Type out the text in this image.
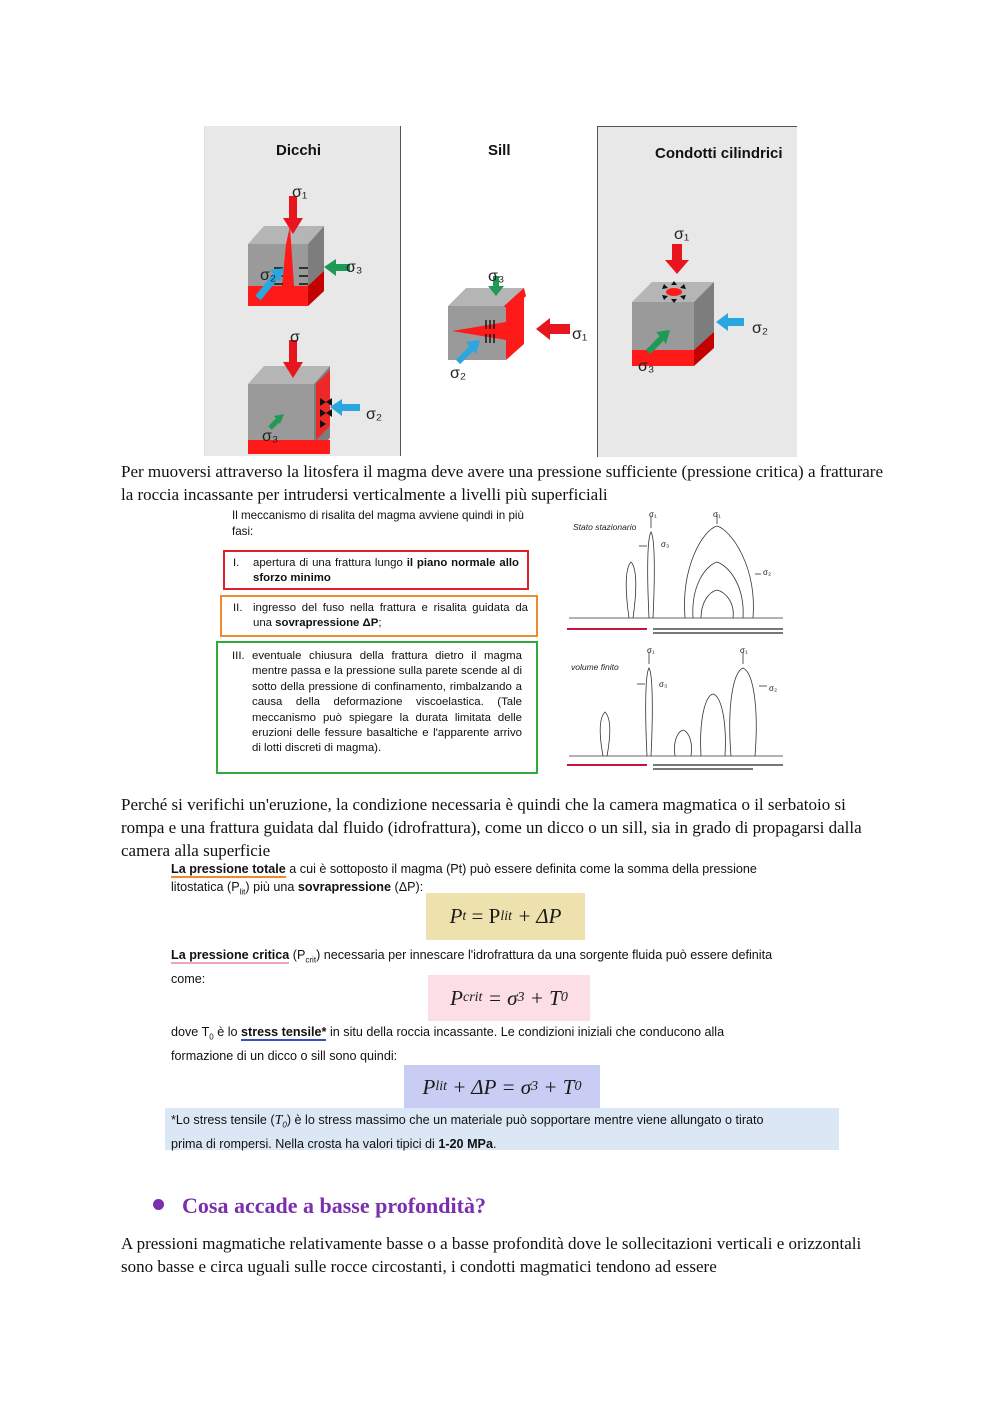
Dicchi	Sill	Condotti cilindrici
σ₁
σ₃
σ₂
σ
σ₂
σ₃
σ₃
σ₁
σ₂
σ₁
σ₂
σ₃
Per muoversi attraverso la litosfera il magma deve avere una pressione sufficiente (pressione critica) a fratturare la roccia incassante per intrudersi verticalmente a livelli più superficiali
Il meccanismo di risalita del magma avviene quindi in più fasi:
I. apertura di una frattura lungo il piano normale allo sforzo minimo
II. ingresso del fuso nella frattura e risalita guidata da una sovrapressione ΔP;
III. eventuale chiusura della frattura dietro il magma mentre passa e la pressione sulla parete scende al di sotto della pressione di confinamento, rimbalzando a causa della deformazione viscoelastica. (Tale meccanismo può spiegare la durata limitata delle eruzioni delle fessure basaltiche e l'apparente arrivo di lotti discreti di magma).
Stato stazionario
volume finito
σ₁	σ₁
σ₃
σ₂
σ₁	σ₁
σ₃	σ₂
Perché si verifichi un'eruzione, la condizione necessaria è quindi che la camera magmatica o il serbatoio si rompa e una frattura guidata dal fluido (idrofrattura), come un dicco o un sill, sia in grado di propagarsi dalla camera alla superficie
La pressione totale a cui è sottoposto il magma (Pt) può essere definita come la somma della pressione
litostatica $(P_{lit})$ più una sovrapressione (ΔP):
P t = P lit + ΔP
La pressione critica $(P_{crit})$ necessaria per innescare l'idrofrattura da una sorgente fluida può essere definita
come:
P crit = σ 3 + T 0
dove $T_0$ è lo stress tensile* in situ della roccia incassante. Le condizioni iniziali che conducono alla
formazione di un dicco o sill sono quindi:
P lit + ΔP = σ 3 + T 0
*Lo stress tensile $(T_0)$ è lo stress massimo che un materiale può sopportare mentre viene allungato o tirato
prima di rompersi. Nella crosta ha valori tipici di 1-20 MPa.
Cosa accade a basse profondità?
A pressioni magmatiche relativamente basse o a basse profondità dove le sollecitazioni verticali e orizzontali sono basse e circa uguali sulle rocce circostanti, i condotti magmatici tendono ad essere
